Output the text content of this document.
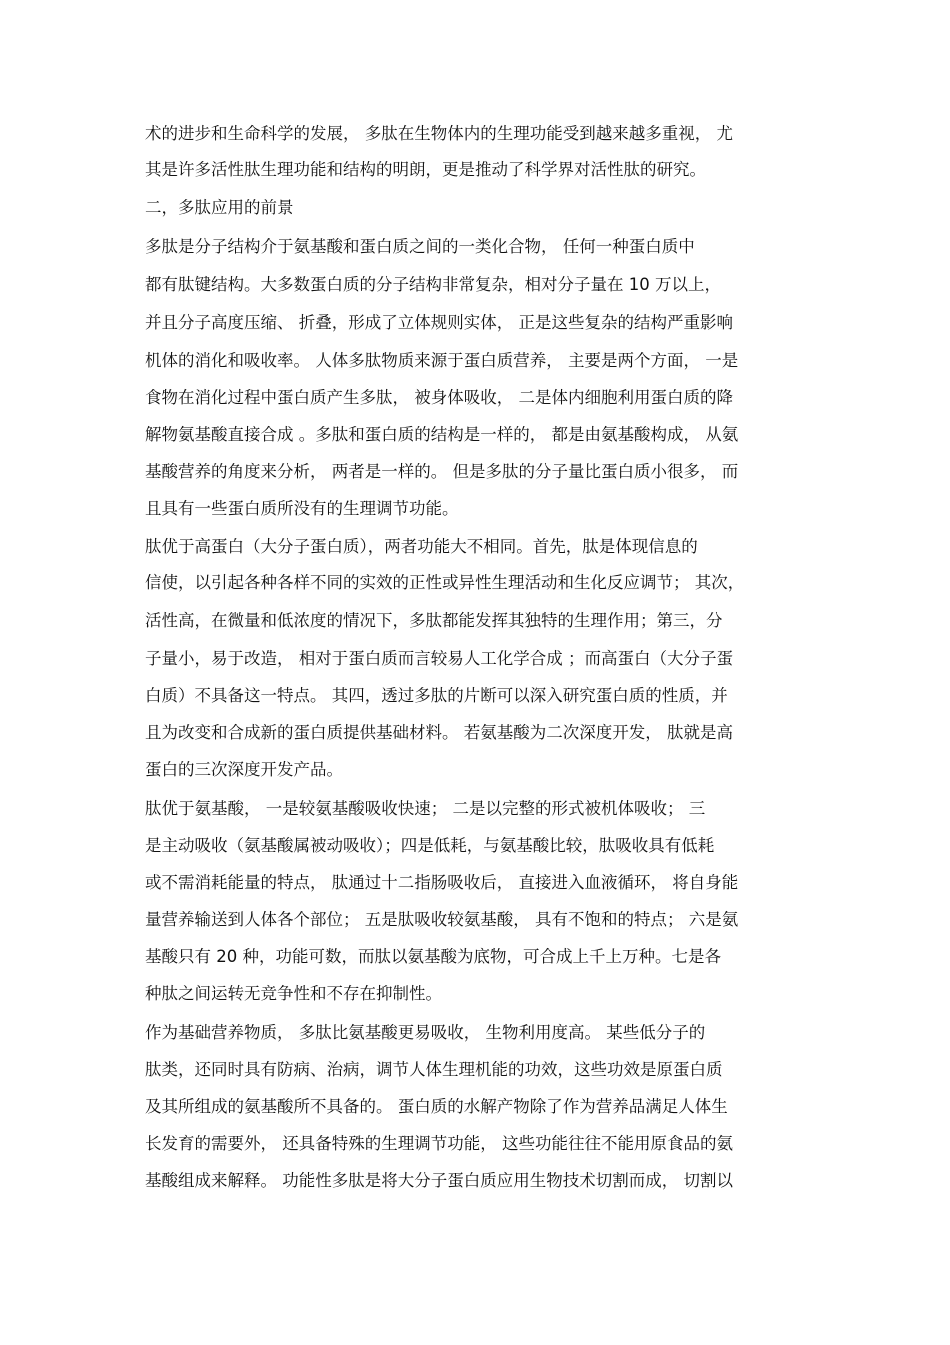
术的进步和生命科学的发展， 多肽在生物体内的生理功能受到越来越多重视， 尤
其是许多活性肽生理功能和结构的明朗，更是推动了科学界对活性肽的研究。
二，多肽应用的前景
多肽是分子结构介于氨基酸和蛋白质之间的一类化合物， 任何一种蛋白质中
都有肽键结构。大多数蛋白质的分子结构非常复杂，相对分子量在 10 万以上，
并且分子高度压缩、 折叠，形成了立体规则实体， 正是这些复杂的结构严重影响
机体的消化和吸收率。 人体多肽物质来源于蛋白质营养， 主要是两个方面， 一是
食物在消化过程中蛋白质产生多肽， 被身体吸收， 二是体内细胞利用蛋白质的降
解物氨基酸直接合成 。多肽和蛋白质的结构是一样的， 都是由氨基酸构成， 从氨
基酸营养的角度来分析， 两者是一样的。 但是多肽的分子量比蛋白质小很多， 而
且具有一些蛋白质所没有的生理调节功能。
肽优于高蛋白（大分子蛋白质），两者功能大不相同。首先，肽是体现信息的
信使，以引起各种各样不同的实效的正性或异性生理活动和生化反应调节； 其次，
活性高，在微量和低浓度的情况下，多肽都能发挥其独特的生理作用；第三，分
子量小，易于改造， 相对于蛋白质而言较易人工化学合成 ；而高蛋白（大分子蛋
白质）不具备这一特点。 其四，透过多肽的片断可以深入研究蛋白质的性质，并
且为改变和合成新的蛋白质提供基础材料。 若氨基酸为二次深度开发， 肽就是高
蛋白的三次深度开发产品。
肽优于氨基酸， 一是较氨基酸吸收快速； 二是以完整的形式被机体吸收； 三
是主动吸收（氨基酸属被动吸收）；四是低耗，与氨基酸比较，肽吸收具有低耗
或不需消耗能量的特点， 肽通过十二指肠吸收后， 直接进入血液循环， 将自身能
量营养输送到人体各个部位； 五是肽吸收较氨基酸， 具有不饱和的特点； 六是氨
基酸只有 20 种，功能可数，而肽以氨基酸为底物，可合成上千上万种。七是各
种肽之间运转无竞争性和不存在抑制性。
作为基础营养物质， 多肽比氨基酸更易吸收， 生物利用度高。 某些低分子的
肽类，还同时具有防病、治病，调节人体生理机能的功效，这些功效是原蛋白质
及其所组成的氨基酸所不具备的。 蛋白质的水解产物除了作为营养品满足人体生
长发育的需要外， 还具备特殊的生理调节功能， 这些功能往往不能用原食品的氨
基酸组成来解释。 功能性多肽是将大分子蛋白质应用生物技术切割而成， 切割以
